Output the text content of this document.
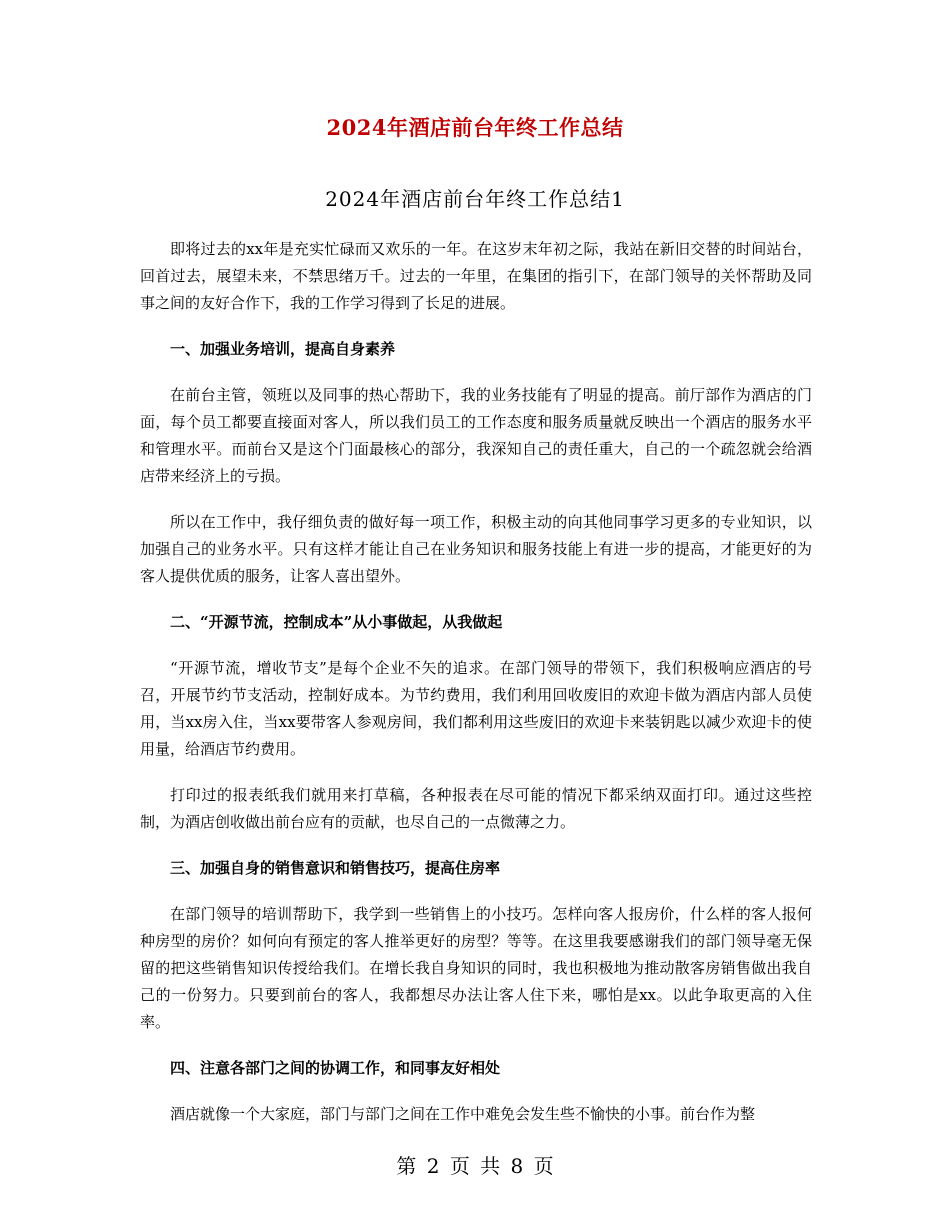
2024年酒店前台年终工作总结
2024年酒店前台年终工作总结1

即将过去的xx年是充实忙碌而又欢乐的一年。在这岁末年初之际，我站在新旧交替的时间站台，回首过去，展望未来，不禁思绪万千。过去的一年里，在集团的指引下，在部门领导的关怀帮助及同事之间的友好合作下，我的工作学习得到了长足的进展。

一、加强业务培训，提高自身素养

在前台主管，领班以及同事的热心帮助下，我的业务技能有了明显的提高。前厅部作为酒店的门面，每个员工都要直接面对客人，所以我们员工的工作态度和服务质量就反映出一个酒店的服务水平和管理水平。而前台又是这个门面最核心的部分，我深知自己的责任重大，自己的一个疏忽就会给酒店带来经济上的亏损。

所以在工作中，我仔细负责的做好每一项工作，积极主动的向其他同事学习更多的专业知识，以加强自己的业务水平。只有这样才能让自己在业务知识和服务技能上有进一步的提高，才能更好的为客人提供优质的服务，让客人喜出望外。

二、“开源节流，控制成本”从小事做起，从我做起

“开源节流，增收节支”是每个企业不矢的追求。在部门领导的带领下，我们积极响应酒店的号召，开展节约节支活动，控制好成本。为节约费用，我们利用回收废旧的欢迎卡做为酒店内部人员使用，当xx房入住，当xx要带客人参观房间，我们都利用这些废旧的欢迎卡来装钥匙以减少欢迎卡的使用量，给酒店节约费用。

打印过的报表纸我们就用来打草稿，各种报表在尽可能的情况下都采纳双面打印。通过这些控制，为酒店创收做出前台应有的贡献，也尽自己的一点微薄之力。

三、加强自身的销售意识和销售技巧，提高住房率

在部门领导的培训帮助下，我学到一些销售上的小技巧。怎样向客人报房价，什么样的客人报何种房型的房价？如何向有预定的客人推举更好的房型？等等。在这里我要感谢我们的部门领导毫无保留的把这些销售知识传授给我们。在增长我自身知识的同时，我也积极地为推动散客房销售做出我自己的一份努力。只要到前台的客人，我都想尽办法让客人住下来，哪怕是xx。以此争取更高的入住率。

四、注意各部门之间的协调工作，和同事友好相处

酒店就像一个大家庭，部门与部门之间在工作中难免会发生些不愉快的小事。前台作为整

第 2 页 共 8 页
